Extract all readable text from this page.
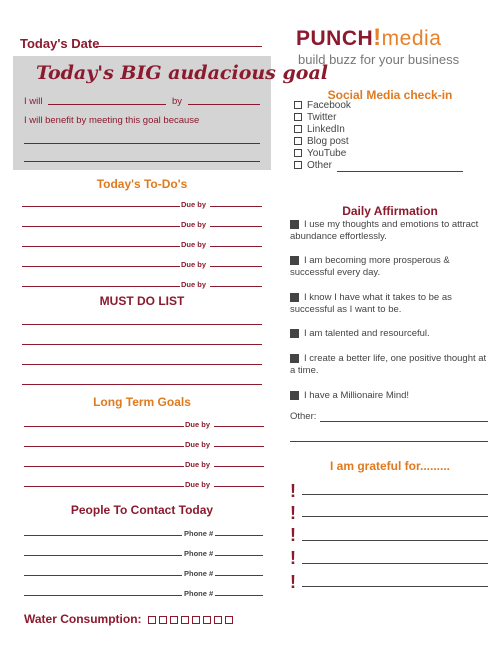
Today's Date	PUNCH!media
build buzz for your business
Today's BIG audacious goal
I will	by
I will benefit by meeting this goal because
Today's To-Do's
Due by
Due by
Due by
Due by
Due by
MUST DO LIST
Long Term Goals
Due by
Due by
Due by
Due by
People To Contact Today
Phone #
Phone #
Phone #
Phone #
Water Consumption:
Social Media check-in
Facebook
Twitter
LinkedIn
Blog post
YouTube
Other
Daily Affirmation
I use my thoughts and emotions to attract abundance effortlessly.
I am becoming more prosperous & successful every day.
I know I have what it takes to be as successful as I want to be.
I am talented and resourceful.
I create a better life, one positive thought at a time.
I have a Millionaire Mind!
Other:
I am grateful for.........
!
!
!
!
!
